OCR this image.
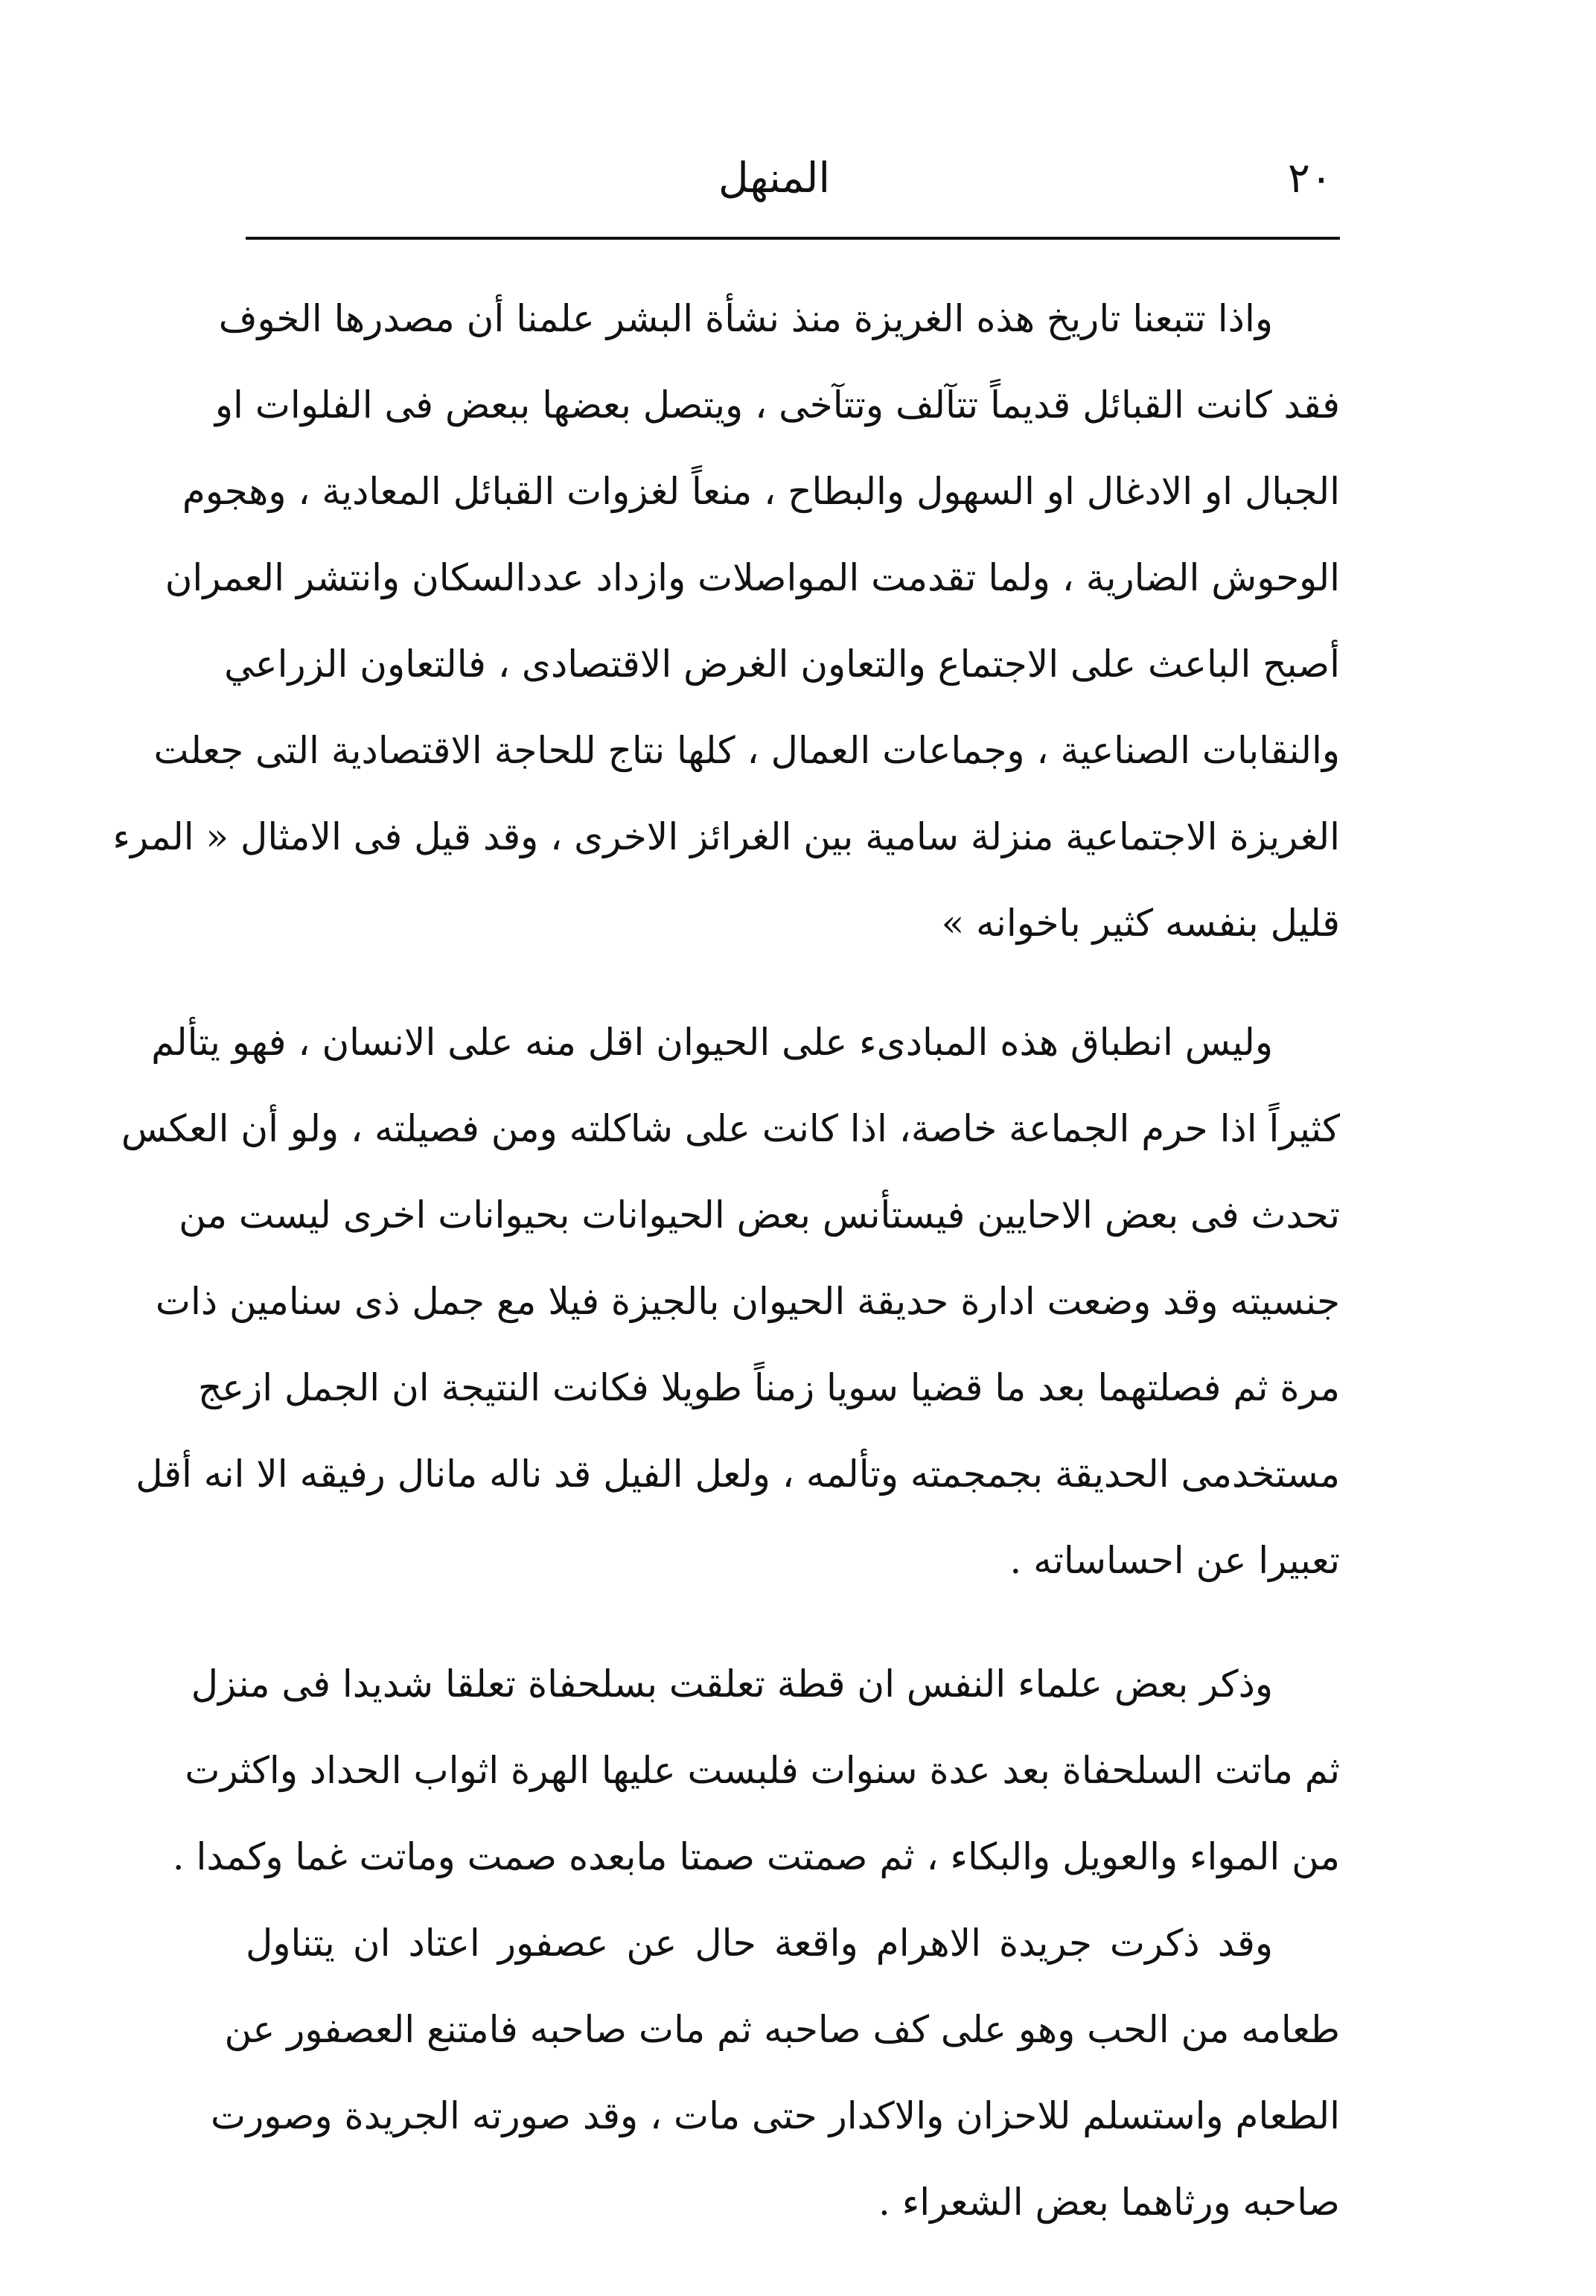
المنهل	٢٠
واذا تتبعنا تاريخ هذه الغريزة منذ نشأة البشر علمنا أن مصدرها الخوف
فقد كانت القبائل قديماً تتآلف وتتآخى ، ويتصل بعضها ببعض فى الفلوات او
الجبال او الادغال او السهول والبطاح ، منعاً لغزوات القبائل المعادية ، وهجوم
الوحوش الضارية ، ولما تقدمت المواصلات وازداد عددالسكان وانتشر العمران
أصبح الباعث على الاجتماع والتعاون الغرض الاقتصادى ، فالتعاون الزراعي
والنقابات الصناعية ، وجماعات العمال ، كلها نتاج للحاجة الاقتصادية التى جعلت
الغريزة الاجتماعية منزلة سامية بين الغرائز الاخرى ، وقد قيل فى الامثال « المرء
قليل بنفسه كثير باخوانه »
وليس انطباق هذه المبادىء على الحيوان اقل منه على الانسان ، فهو يتألم
كثيراً اذا حرم الجماعة خاصة، اذا كانت على شاكلته ومن فصيلته ، ولو أن العكس
تحدث فى بعض الاحايين فيستأنس بعض الحيوانات بحيوانات اخرى ليست من
جنسيته وقد وضعت ادارة حديقة الحيوان بالجيزة فيلا مع جمل ذى سنامين ذات
مرة ثم فصلتهما بعد ما قضيا سويا زمناً طويلا فكانت النتيجة ان الجمل ازعج
مستخدمى الحديقة بجمجمته وتألمه ، ولعل الفيل قد ناله مانال رفيقه الا انه أقل
تعبيرا عن احساساته .
وذكر بعض علماء النفس ان قطة تعلقت بسلحفاة تعلقا شديدا فى منزل
ثم ماتت السلحفاة بعد عدة سنوات فلبست عليها الهرة اثواب الحداد واكثرت
من المواء والعويل والبكاء ، ثم صمتت صمتا مابعده صمت وماتت غما وكمدا .
وقد ذكرت جريدة الاهرام واقعة حال عن عصفور اعتاد ان يتناول
طعامه من الحب وهو على كف صاحبه ثم مات صاحبه فامتنع العصفور عن
الطعام واستسلم للاحزان والاكدار حتى مات ، وقد صورته الجريدة وصورت
صاحبه ورثاهما بعض الشعراء .
